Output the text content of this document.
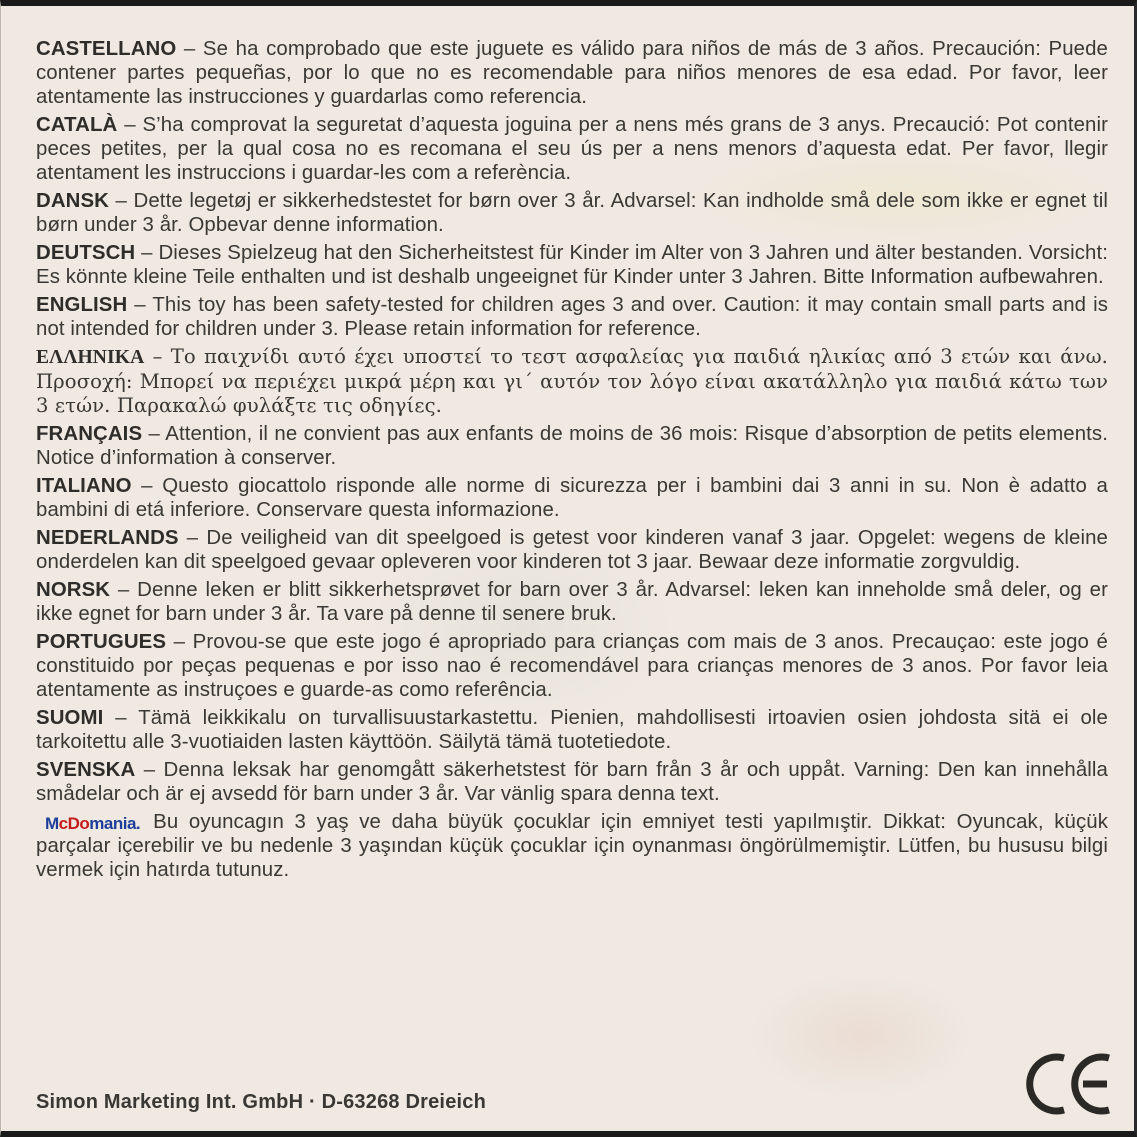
CASTELLANO – Se ha comprobado que este juguete es válido para niños de más de 3 años. Precaución: Puede contener partes pequeñas, por lo que no es recomendable para niños menores de esa edad. Por favor, leer atentamente las instrucciones y guardarlas como referencia.

CATALÀ – S’ha comprovat la seguretat d’aquesta joguina per a nens més grans de 3 anys. Precaució: Pot contenir peces petites, per la qual cosa no es recomana el seu ús per a nens menors d’aquesta edat. Per favor, llegir atentament les instruccions i guardar-les com a referència.

DANSK – Dette legetøj er sikkerhedstestet for børn over 3 år. Advarsel: Kan indholde små dele som ikke er egnet til børn under 3 år. Opbevar denne information.

DEUTSCH – Dieses Spielzeug hat den Sicherheitstest für Kinder im Alter von 3 Jahren und älter bestanden. Vorsicht: Es könnte kleine Teile enthalten und ist deshalb ungeeignet für Kinder unter 3 Jahren. Bitte Information aufbewahren.

ENGLISH – This toy has been safety-tested for children ages 3 and over. Caution: it may contain small parts and is not intended for children under 3. Please retain information for reference.

ΕΛΛΗΝΙΚΑ – Το παιχνίδι αυτό έχει υποστεί το τεστ ασφαλείας για παιδιά ηλικίας από 3 ετών και άνω. Προσοχή: Μπορεί να περιέχει μικρά μέρη και γι΄ αυτόν τον λόγο είναι ακατάλληλο για παιδιά κάτω των 3 ετών. Παρακαλώ φυλάξτε τις οδηγίες.

FRANÇAIS – Attention, il ne convient pas aux enfants de moins de 36 mois: Risque d’absorption de petits elements. Notice d’information à conserver.

ITALIANO – Questo giocattolo risponde alle norme di sicurezza per i bambini dai 3 anni in su. Non è adatto a bambini di etá inferiore. Conservare questa informazione.

NEDERLANDS – De veiligheid van dit speelgoed is getest voor kinderen vanaf 3 jaar. Opgelet: wegens de kleine onderdelen kan dit speelgoed gevaar opleveren voor kinderen tot 3 jaar. Bewaar deze informatie zorgvuldig.

NORSK – Denne leken er blitt sikkerhetsprøvet for barn over 3 år. Advarsel: leken kan inneholde små deler, og er ikke egnet for barn under 3 år. Ta vare på denne til senere bruk.

PORTUGUES – Provou-se que este jogo é apropriado para crianças com mais de 3 anos. Precauçao: este jogo é constituido por peças pequenas e por isso nao é recomendável para crianças menores de 3 anos. Por favor leia atentamente as instruçoes e guarde-as como referência.

SUOMI – Tämä leikkikalu on turvallisuustarkastettu. Pienien, mahdollisesti irtoavien osien johdosta sitä ei ole tarkoitettu alle 3-vuotiaiden lasten käyttöön. Säilytä tämä tuotetiedote.

SVENSKA – Denna leksak har genomgått säkerhetstest för barn från 3 år och uppåt. Varning: Den kan innehålla smådelar och är ej avsedd för barn under 3 år. Var vänlig spara denna text.

Bu oyuncagın 3 yaş ve daha büyük çocuklar için emniyet testi yapılmıştir. Dikkat: Oyuncak, küçük parçalar içerebilir ve bu nedenle 3 yaşından küçük çocuklar için oynanması öngörülmemiştir. Lütfen, bu hususu bilgi vermek için hatırda tutunuz.

McDomania.
Simon Marketing Int. GmbH · D-63268 Dreieich
